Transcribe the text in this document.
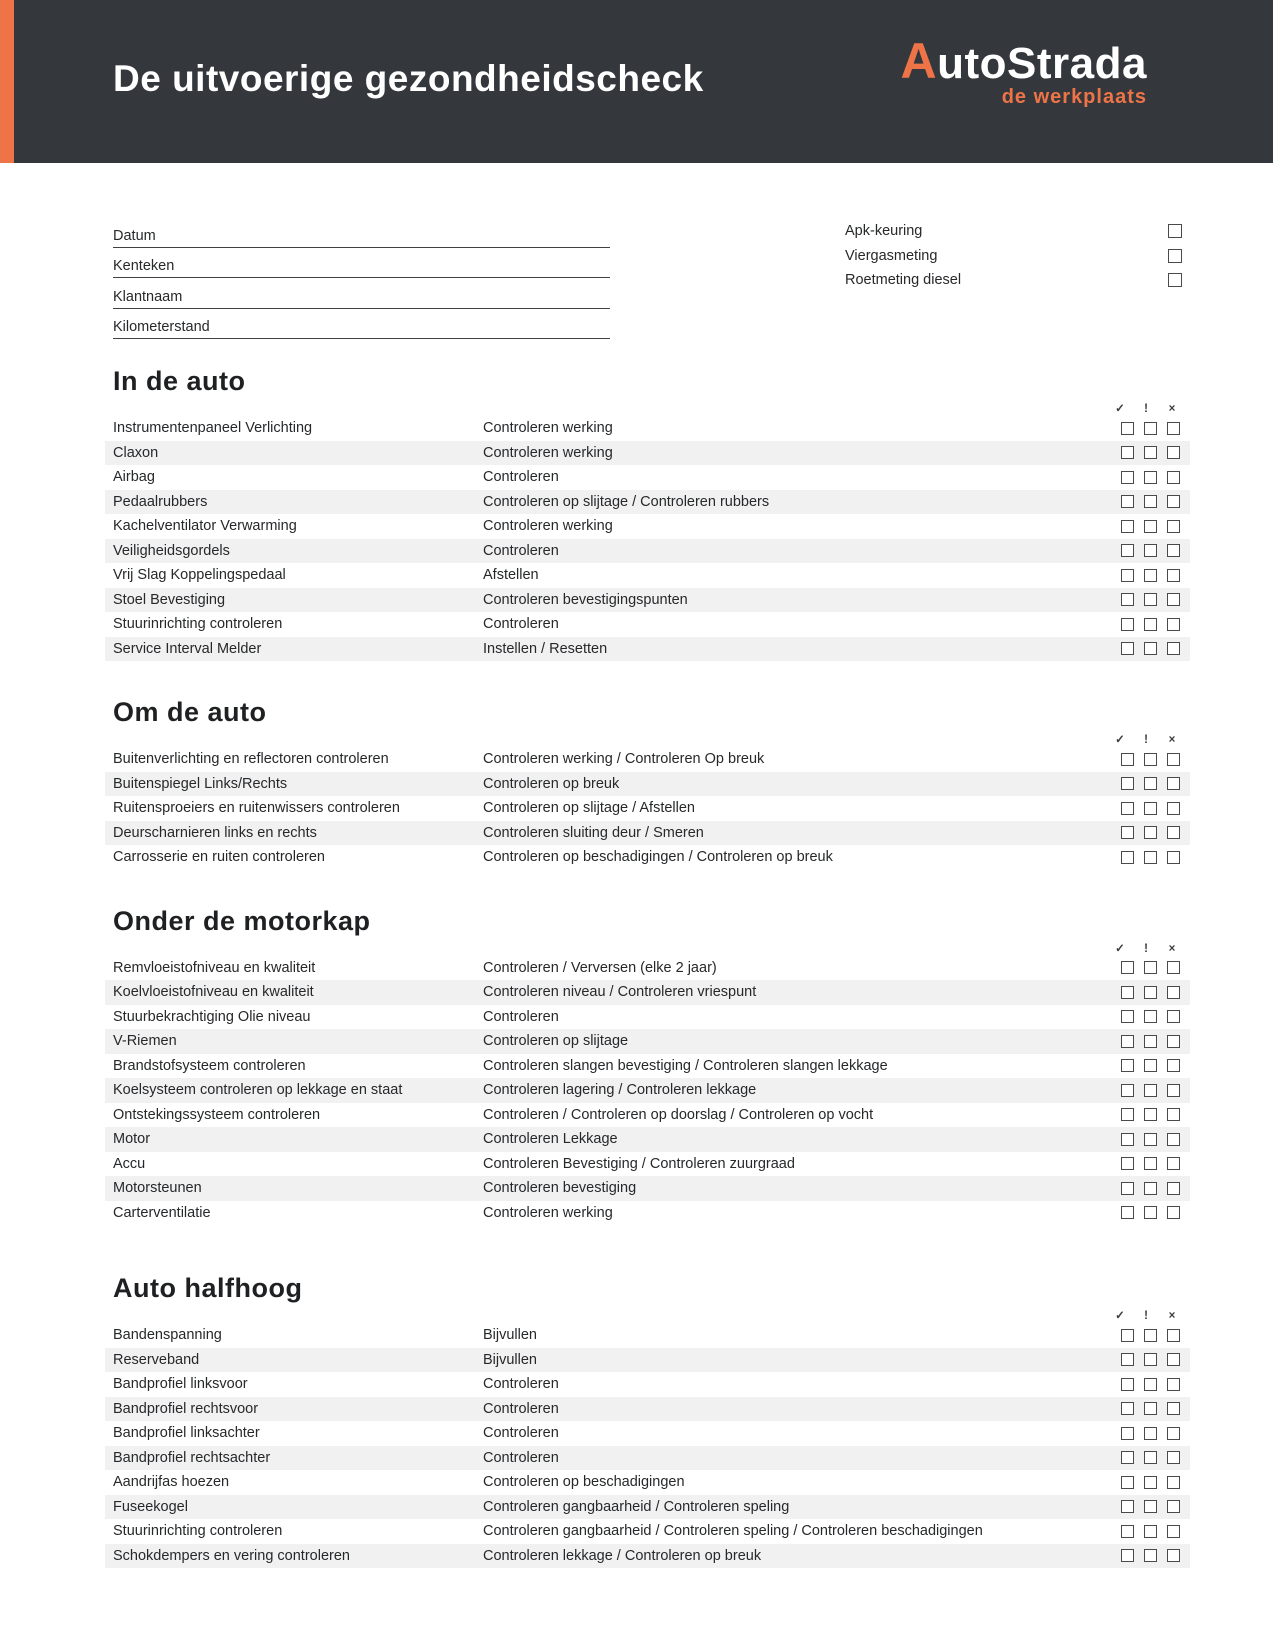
De uitvoerige gezondheidscheck	AutoStrada
de werkplaats
Datum
Kenteken
Klantnaam
Kilometerstand
Apk-keuring
Viergasmeting
Roetmeting diesel
In de auto
✓	!	×
Instrumentenpaneel Verlichting	Controleren werking
Claxon	Controleren werking
Airbag	Controleren
Pedaalrubbers	Controleren op slijtage / Controleren rubbers
Kachelventilator Verwarming	Controleren werking
Veiligheidsgordels	Controleren
Vrij Slag Koppelingspedaal	Afstellen
Stoel Bevestiging	Controleren bevestigingspunten
Stuurinrichting controleren	Controleren
Service Interval Melder	Instellen / Resetten
Om de auto
✓	!	×
Buitenverlichting en reflectoren controleren	Controleren werking / Controleren Op breuk
Buitenspiegel Links/Rechts	Controleren op breuk
Ruitensproeiers en ruitenwissers controleren	Controleren op slijtage / Afstellen
Deurscharnieren links en rechts	Controleren sluiting deur / Smeren
Carrosserie en ruiten controleren	Controleren op beschadigingen / Controleren op breuk
Onder de motorkap
✓	!	×
Remvloeistofniveau en kwaliteit	Controleren / Verversen (elke 2 jaar)
Koelvloeistofniveau en kwaliteit	Controleren niveau / Controleren vriespunt
Stuurbekrachtiging Olie niveau	Controleren
V-Riemen	Controleren op slijtage
Brandstofsysteem controleren	Controleren slangen bevestiging / Controleren slangen lekkage
Koelsysteem controleren op lekkage en staat	Controleren lagering / Controleren lekkage
Ontstekingssysteem controleren	Controleren / Controleren op doorslag / Controleren op vocht
Motor	Controleren Lekkage
Accu	Controleren Bevestiging / Controleren zuurgraad
Motorsteunen	Controleren bevestiging
Carterventilatie	Controleren werking
Auto halfhoog
✓	!	×
Bandenspanning	Bijvullen
Reserveband	Bijvullen
Bandprofiel linksvoor	Controleren
Bandprofiel rechtsvoor	Controleren
Bandprofiel linksachter	Controleren
Bandprofiel rechtsachter	Controleren
Aandrijfas hoezen	Controleren op beschadigingen
Fuseekogel	Controleren gangbaarheid / Controleren speling
Stuurinrichting controleren	Controleren gangbaarheid / Controleren speling / Controleren beschadigingen
Schokdempers en vering controleren	Controleren lekkage / Controleren op breuk
